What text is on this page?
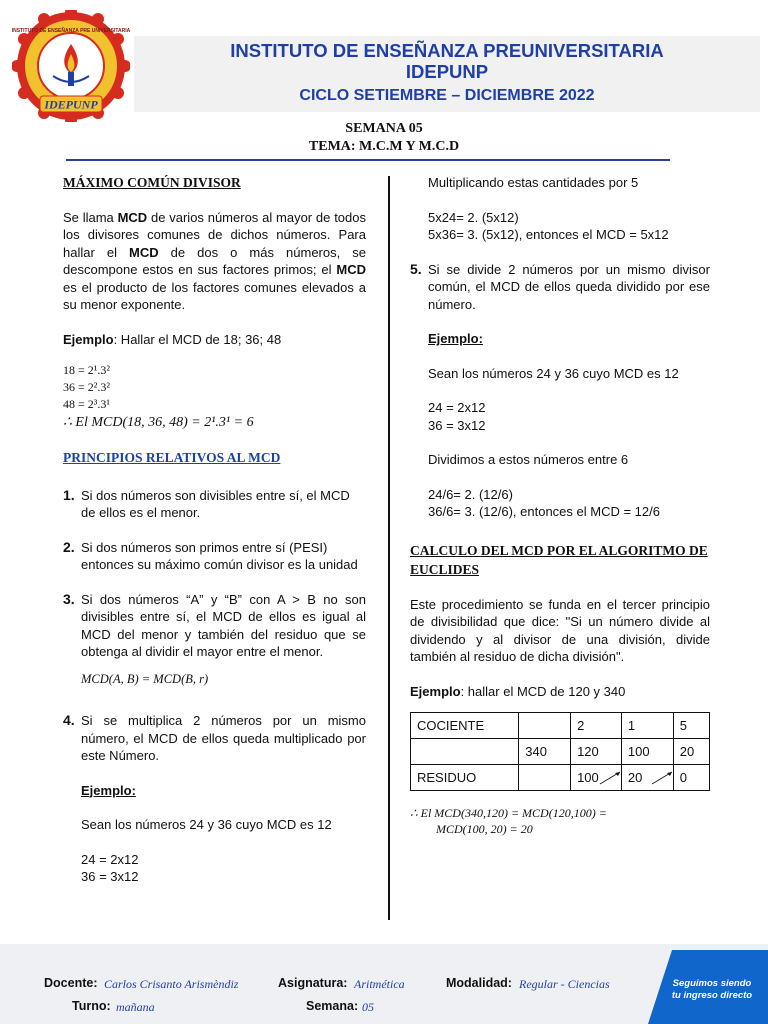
INSTITUTO DE ENSEÑANZA PRE UNIVERSITARIA
IDEPUNP
INSTITUTO DE ENSEÑANZA PREUNIVERSITARIA
IDEPUNP
CICLO SETIEMBRE – DICIEMBRE 2022
SEMANA 05
TEMA: M.C.M Y M.C.D
MÁXIMO COMÚN DIVISOR

Se llama MCD de varios números al mayor de todos los divisores comunes de dichos números. Para hallar el MCD de dos o más números, se descompone estos en sus factores primos; el MCD es el producto de los factores comunes elevados a su menor exponente.

Ejemplo: Hallar el MCD de 18; 36; 48

18 = 2¹.3²
36 = 2².3²
48 = 2³.3¹
∴ El MCD(18, 36, 48) = 2¹.3¹ = 6
PRINCIPIOS RELATIVOS AL MCD
1. Si dos números son divisibles entre sí, el MCD de ellos es el menor.
2. Si dos números son primos entre sí (PESI) entonces su máximo común divisor es la unidad
3. Si dos números “A” y “B” con A > B no son divisibles entre sí, el MCD de ellos es igual al MCD del menor y también del residuo que se obtenga al dividir el mayor entre el menor.
MCD(A, B) = MCD(B, r)
4. Si se multiplica 2 números por un mismo número, el MCD de ellos queda multiplicado por este Número.
Ejemplo:
Sean los números 24 y 36 cuyo MCD es 12
24 = 2x12
36 = 3x12
Multiplicando estas cantidades por 5
5x24= 2. (5x12)
5x36= 3. (5x12), entonces el MCD = 5x12
5. Si se divide 2 números por un mismo divisor común, el MCD de ellos queda dividido por ese número.
Ejemplo:
Sean los números 24 y 36 cuyo MCD es 12
24 = 2x12
36 = 3x12
Dividimos a estos números entre 6
24/6= 2. (12/6)
36/6= 3. (12/6), entonces el MCD = 12/6
CALCULO DEL MCD POR EL ALGORITMO DE EUCLIDES

Este procedimiento se funda en el tercer principio de divisibilidad que dice: "Si un número divide al dividendo y al divisor de una división, divide también al residuo de dicha división".

Ejemplo: hallar el MCD de 120 y 340

COCIENTE		2	1	5
	340	120	100	20
RESIDUO		100	20	0
∴ El MCD(340,120) = MCD(120,100) =
MCD(100, 20) = 20
Docente: Carlos Crisanto Arismèndiz	Asignatura: Aritmética	Modalidad: Regular - Ciencias
Turno: mañana	Semana: 05
Seguimos siendo
tu ingreso directo
